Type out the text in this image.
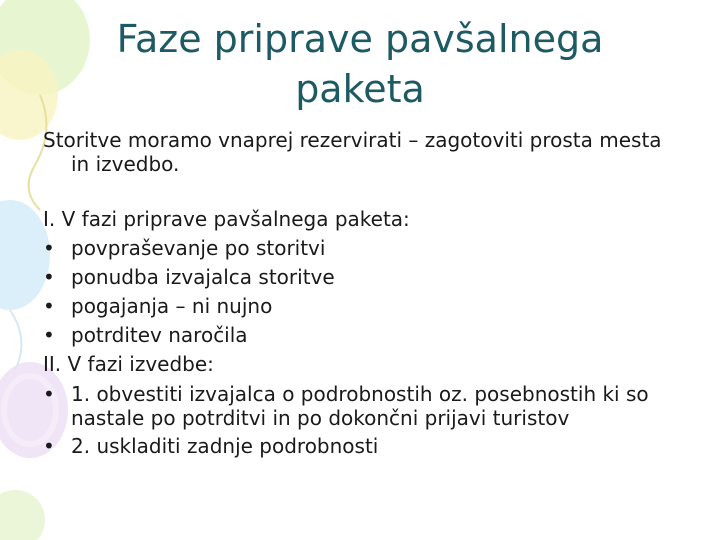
Faze priprave pavšalnega
paketa

Storitve moramo vnaprej rezervirati – zagotoviti prosta mesta in izvedbo.

I. V fazi priprave pavšalnega paketa:
• povpraševanje po storitvi
• ponudba izvajalca storitve
• pogajanja – ni nujno
• potrditev naročila
II. V fazi izvedbe:
• 1. obvestiti izvajalca o podrobnostih oz. posebnostih ki so nastale po potrditvi in po dokončni prijavi turistov
• 2. uskladiti zadnje podrobnosti
